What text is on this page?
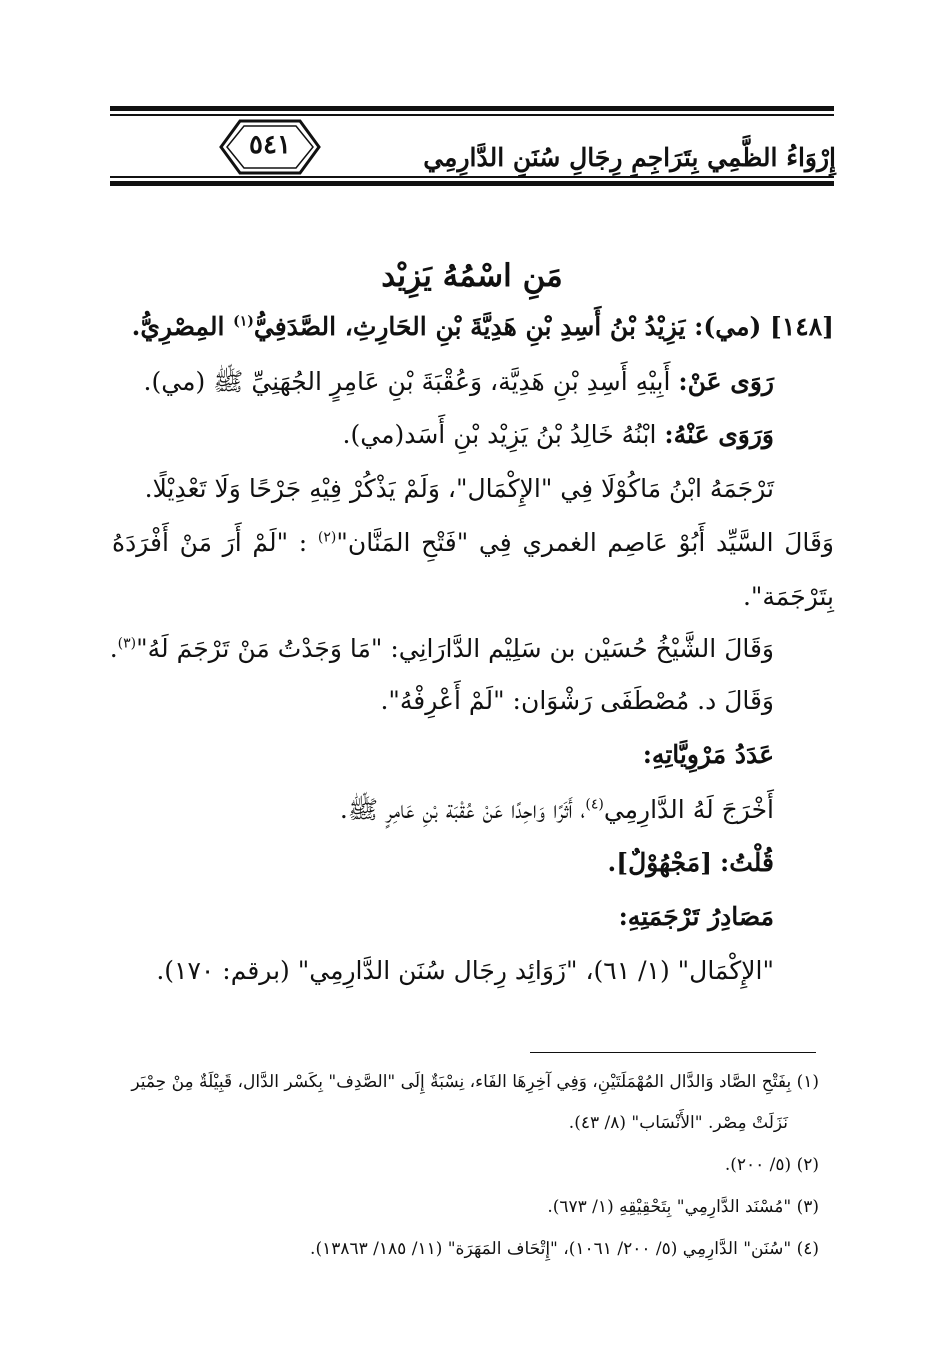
إِرْوَاءُ الظَّمِي بِتَرَاجِمِ رِجَالِ سُنَنِ الدَّارِمِي
٥٤١
مَنِ اسْمُهُ يَزِيْد
[١٤٨] (مي): يَزِيْدُ بْنُ أَسِدِ بْنِ هَدِيَّةَ بْنِ الحَارِثِ، الصَّدَفِيُّ$^{(١)}$ المِصْرِيُّ.
رَوَى عَنْ: أَبِيْهِ أَسِدِ بْنِ هَدِيَّة، وَعُقْبَةَ بْنِ عَامِرٍ الجُهَنِيِّ ﷺ (مي).
وَرَوَى عَنْهُ: ابْنُهُ خَالِدُ بْنُ يَزِيْد بْنِ أَسَد(مي).
تَرْجَمَهُ ابْنُ مَاكُوْلَا فِي "الإِكْمَال"، وَلَمْ يَذْكُرْ فِيْهِ جَرْحًا وَلَا تَعْدِيْلًا.
وَقَالَ السَّيِّد أَبُوْ عَاصِم الغمري فِي "فَتْحِ المَنَّان"$^{(٢)}$ : "لَمْ أَرَ مَنْ أَفْرَدَهُ
بِتَرْجَمَة".
وَقَالَ الشَّيْخُ حُسَيْن بن سَلِيْم الدَّارَانِي: "مَا وَجَدْتُ مَنْ تَرْجَمَ لَهُ"$^{(٣)}$.
وَقَالَ د. مُصْطَفَى رَشْوَان: "لَمْ أَعْرِفْهُ".
عَدَدُ مَرْوِيَّاتِهِ:
أَخْرَجَ لَهُ الدَّارِمِي$^{(٤)}$، أَثَرًا وَاحِدًا عَنْ عُقْبَة بْنِ عَامِرٍ ﷺ.
قُلْتُ: [مَجْهُوْلٌ].
مَصَادِرُ تَرْجَمَتِهِ:
"الإِكْمَال" (١/ ٦١)، "زَوَائِد رِجَال سُنَن الدَّارِمِي" (برقم: ١٧٠).
(١) بِفَتْحِ الصَّاد وَالدَّال المُهْمَلَتَيْنِ، وَفِي آخِرِهَا الفَاء، نِسْبَةٌ إِلَى "الصَّدِف" بِكَسْر الدَّال، قَبِيْلَةٌ مِنْ حِمْيَر
نَزَلَتْ مِصْر. "الأَنْسَاب" (٨/ ٤٣).
(٢) (٥/ ٢٠٠).
(٣) "مُسْنَد الدَّارِمِي" بِتَحْقِيْقِهِ (١/ ٦٧٣).
(٤) "سُنَن" الدَّارِمِي (٥/ ٢٠٠/ ١٠٦١)، "إِتْحَاف المَهَرَة" (١١/ ١٨٥/ ١٣٨٦٣).
